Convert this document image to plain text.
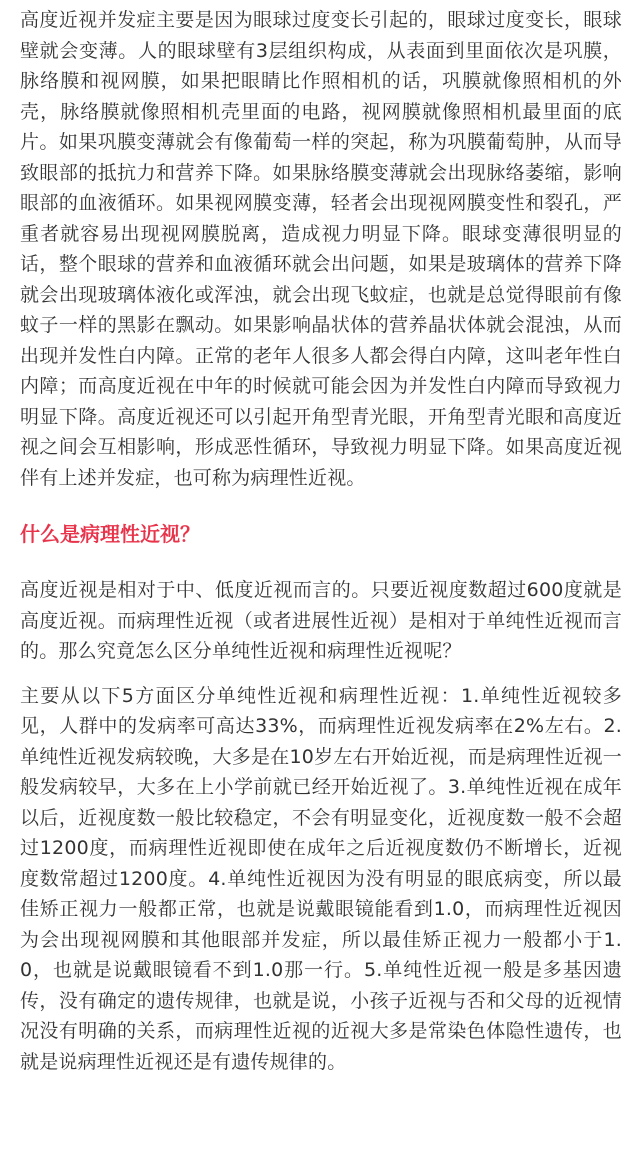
高度近视并发症主要是因为眼球过度变长引起的，眼球过度变长，眼球壁就会变薄。人的眼球壁有3层组织构成，从表面到里面依次是巩膜，脉络膜和视网膜，如果把眼睛比作照相机的话，巩膜就像照相机的外壳，脉络膜就像照相机壳里面的电路，视网膜就像照相机最里面的底片。如果巩膜变薄就会有像葡萄一样的突起，称为巩膜葡萄肿，从而导致眼部的抵抗力和营养下降。如果脉络膜变薄就会出现脉络萎缩，影响眼部的血液循环。如果视网膜变薄，轻者会出现视网膜变性和裂孔，严重者就容易出现视网膜脱离，造成视力明显下降。眼球变薄很明显的话，整个眼球的营养和血液循环就会出问题，如果是玻璃体的营养下降就会出现玻璃体液化或浑浊，就会出现飞蚊症，也就是总觉得眼前有像蚊子一样的黑影在飘动。如果影响晶状体的营养晶状体就会混浊，从而出现并发性白内障。正常的老年人很多人都会得白内障，这叫老年性白内障；而高度近视在中年的时候就可能会因为并发性白内障而导致视力明显下降。高度近视还可以引起开角型青光眼，开角型青光眼和高度近视之间会互相影响，形成恶性循环，导致视力明显下降。如果高度近视伴有上述并发症，也可称为病理性近视。

什么是病理性近视？

高度近视是相对于中、低度近视而言的。只要近视度数超过600度就是高度近视。而病理性近视（或者进展性近视）是相对于单纯性近视而言的。那么究竟怎么区分单纯性近视和病理性近视呢？

主要从以下5方面区分单纯性近视和病理性近视：1.单纯性近视较多见，人群中的发病率可高达33%，而病理性近视发病率在2%左右。2.单纯性近视发病较晚，大多是在10岁左右开始近视，而是病理性近视一般发病较早，大多在上小学前就已经开始近视了。3.单纯性近视在成年以后，近视度数一般比较稳定，不会有明显变化，近视度数一般不会超过1200度，而病理性近视即使在成年之后近视度数仍不断增长，近视度数常超过1200度。4.单纯性近视因为没有明显的眼底病变，所以最佳矫正视力一般都正常，也就是说戴眼镜能看到1.0，而病理性近视因为会出现视网膜和其他眼部并发症，所以最佳矫正视力一般都小于1.0，也就是说戴眼镜看不到1.0那一行。5.单纯性近视一般是多基因遗传，没有确定的遗传规律，也就是说，小孩子近视与否和父母的近视情况没有明确的关系，而病理性近视的近视大多是常染色体隐性遗传，也就是说病理性近视还是有遗传规律的。
